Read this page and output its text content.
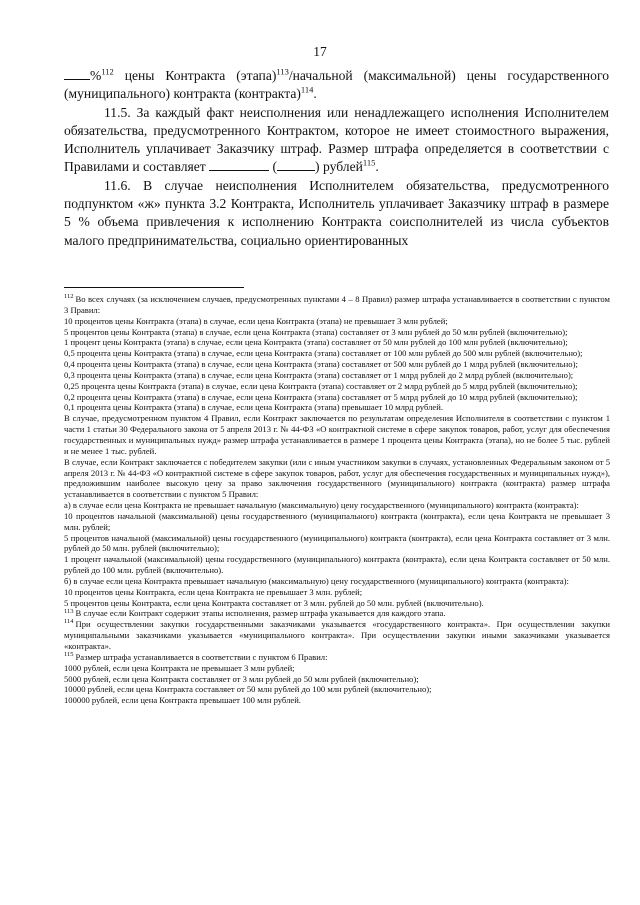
17

%$^{112}$ цены Контракта (этапа)$^{113}$/начальной (максимальной) цены государственного (муниципального) контракта (контракта)$^{114}$.

11.5. За каждый факт неисполнения или ненадлежащего исполнения Исполнителем обязательства, предусмотренного Контрактом, которое не имеет стоимостного выражения, Исполнитель уплачивает Заказчику штраф. Размер штрафа определяется в соответствии с Правилами и составляет	(	) рублей$^{115}$.

11.6. В случае неисполнения Исполнителем обязательства, предусмотренного подпунктом «ж» пункта 3.2 Контракта, Исполнитель уплачивает Заказчику штраф в размере 5 % объема привлечения к исполнению Контракта соисполнителей из числа субъектов малого предпринимательства, социально ориентированных

$^{112}$ Во всех случаях (за исключением случаев, предусмотренных пунктами 4 – 8 Правил) размер штрафа устанавливается в соответствии с пунктом 3 Правил:

10 процентов цены Контракта (этапа) в случае, если цена Контракта (этапа) не превышает 3 млн рублей;

5 процентов цены Контракта (этапа) в случае, если цена Контракта (этапа) составляет от 3 млн рублей до 50 млн рублей (включительно);

1 процент цены Контракта (этапа) в случае, если цена Контракта (этапа) составляет от 50 млн рублей до 100 млн рублей (включительно);

0,5 процента цены Контракта (этапа) в случае, если цена Контракта (этапа) составляет от 100 млн рублей до 500 млн рублей (включительно);

0,4 процента цены Контракта (этапа) в случае, если цена Контракта (этапа) составляет от 500 млн рублей до 1 млрд рублей (включительно);

0,3 процента цены Контракта (этапа) в случае, если цена Контракта (этапа) составляет от 1 млрд рублей до 2 млрд рублей (включительно);

0,25 процента цены Контракта (этапа) в случае, если цена Контракта (этапа) составляет от 2 млрд рублей до 5 млрд рублей (включительно);

0,2 процента цены Контракта (этапа) в случае, если цена Контракта (этапа) составляет от 5 млрд рублей до 10 млрд рублей (включительно);

0,1 процента цены Контракта (этапа) в случае, если цена Контракта (этапа) превышает 10 млрд рублей.

В случае, предусмотренном пунктом 4 Правил, если Контракт заключается по результатам определения Исполнителя в соответствии с пунктом 1 части 1 статьи 30 Федерального закона от 5 апреля 2013 г. № 44-ФЗ «О контрактной системе в сфере закупок товаров, работ, услуг для обеспечения государственных и муниципальных нужд» размер штрафа устанавливается в размере 1 процента цены Контракта (этапа), но не более 5 тыс. рублей и не менее 1 тыс. рублей.

В случае, если Контракт заключается с победителем закупки (или с иным участником закупки в случаях, установленных Федеральным законом от 5 апреля 2013 г. № 44-ФЗ «О контрактной системе в сфере закупок товаров, работ, услуг для обеспечения государственных и муниципальных нужд»), предложившим наиболее высокую цену за право заключения государственного (муниципального) контракта (контракта) размер штрафа устанавливается в соответствии с пунктом 5 Правил:

а) в случае если цена Контракта не превышает начальную (максимальную) цену государственного (муниципального) контракта (контракта):

10 процентов начальной (максимальной) цены государственного (муниципального) контракта (контракта), если цена Контракта не превышает 3 млн. рублей;

5 процентов начальной (максимальной) цены государственного (муниципального) контракта (контракта), если цена Контракта составляет от 3 млн. рублей до 50 млн. рублей (включительно);

1 процент начальной (максимальной) цены государственного (муниципального) контракта (контракта), если цена Контракта составляет от 50 млн. рублей до 100 млн. рублей (включительно).

б) в случае если цена Контракта превышает начальную (максимальную) цену государственного (муниципального) контракта (контракта):

10 процентов цены Контракта, если цена Контракта не превышает 3 млн. рублей;

5 процентов цены Контракта, если цена Контракта составляет от 3 млн. рублей до 50 млн. рублей (включительно).

$^{113}$ В случае если Контракт содержит этапы исполнения, размер штрафа указывается для каждого этапа.

$^{114}$ При осуществлении закупки государственными заказчиками указывается «государственного контракта». При осуществлении закупки муниципальными заказчиками указывается «муниципального контракта». При осуществлении закупки иными заказчиками указывается «контракта».

$^{115}$ Размер штрафа устанавливается в соответствии с пунктом 6 Правил:

1000 рублей, если цена Контракта не превышает 3 млн рублей;

5000 рублей, если цена Контракта составляет от 3 млн рублей до 50 млн рублей (включительно);

10000 рублей, если цена Контракта составляет от 50 млн рублей до 100 млн рублей (включительно);

100000 рублей, если цена Контракта превышает 100 млн рублей.
